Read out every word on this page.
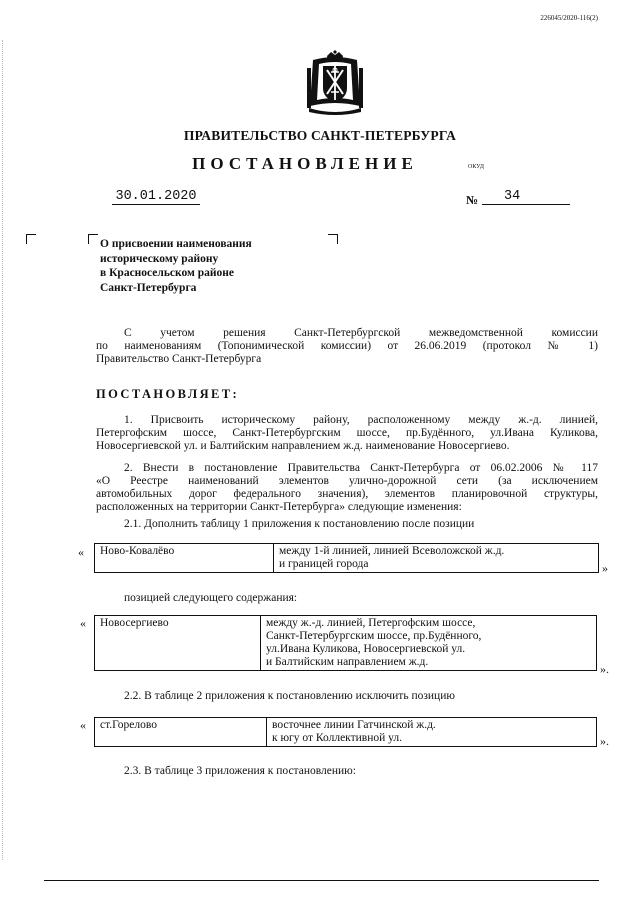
226045/2020-116(2)
ПРАВИТЕЛЬСТВО САНКТ-ПЕТЕРБУРГА
ПОСТАНОВЛЕНИЕ	ОКУД
30.01.2020	№	34
О присвоении наименования
историческому району
в Красносельском районе
Санкт-Петербурга
С учетом решения Санкт-Петербургской межведомственной комиссии
по наименованиям (Топонимической комиссии) от 26.06.2019 (протокол № 1)
Правительство Санкт-Петербурга
ПОСТАНОВЛЯЕТ:
1. Присвоить историческому району, расположенному между ж.-д. линией,
Петергофским шоссе, Санкт-Петербургским шоссе, пр.Будённого, ул.Ивана Куликова,
Новосергиевской ул. и Балтийским направлением ж.д. наименование Новосергиево.
2. Внести в постановление Правительства Санкт-Петербурга от 06.02.2006 № 117
«О Реестре наименований элементов улично-дорожной сети (за исключением
автомобильных дорог федерального значения), элементов планировочной структуры,
расположенных на территории Санкт-Петербурга» следующие изменения:
2.1. Дополнить таблицу 1 приложения к постановлению после позиции
« Ново-Ковалёво	между 1-й линией, линией Всеволожской ж.д.
и границей города	»
позицией следующего содержания:
« Новосергиево	между ж.-д. линией, Петергофским шоссе,
Санкт-Петербургским шоссе, пр.Будённого,
ул.Ивана Куликова, Новосергиевской ул.
и Балтийским направлением ж.д.	».
2.2. В таблице 2 приложения к постановлению исключить позицию
« ст.Горелово	восточнее линии Гатчинской ж.д.
к югу от Коллективной ул.	».
2.3. В таблице 3 приложения к постановлению:
